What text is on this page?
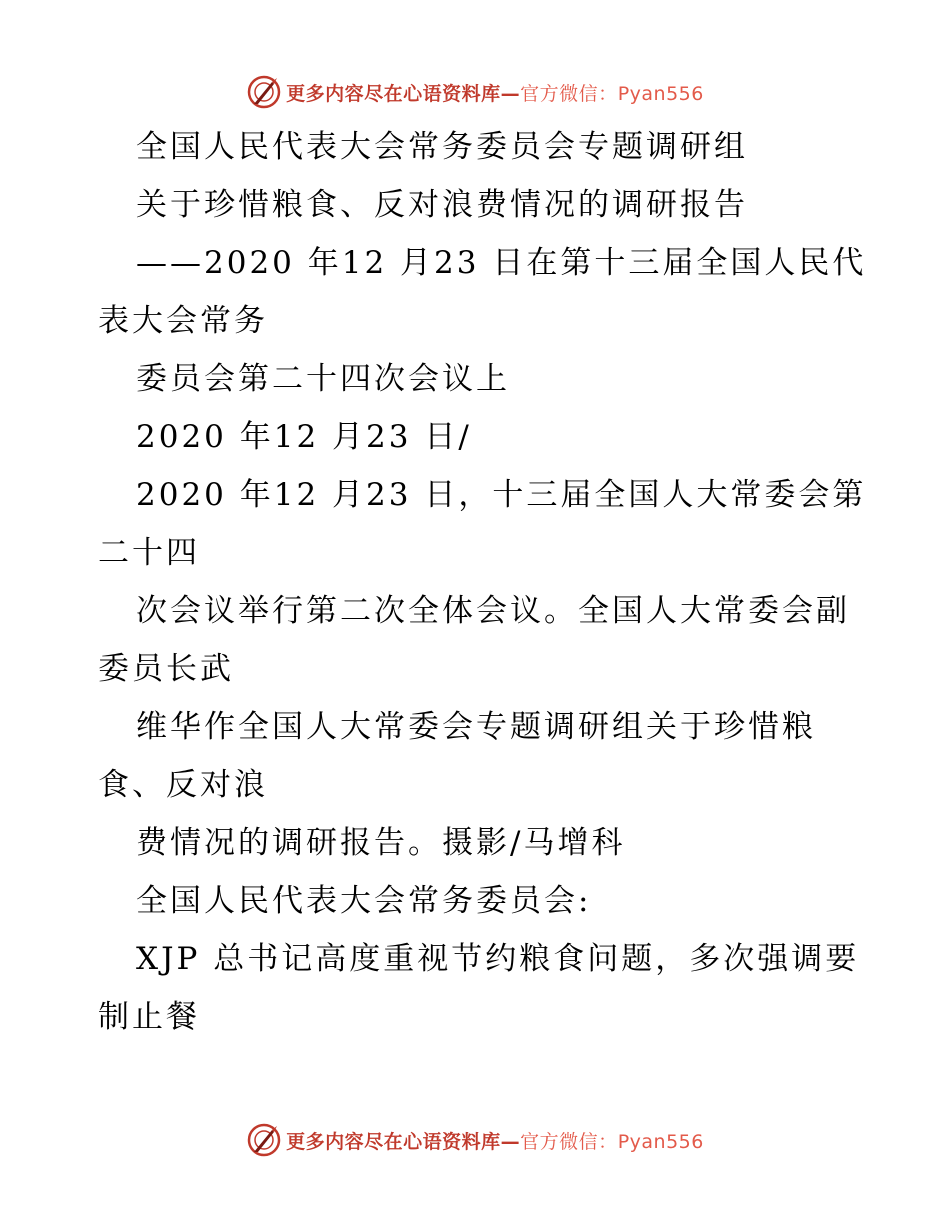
更多内容尽在心语资料库—官方微信：Pyan556
全国人民代表大会常务委员会专题调研组
关于珍惜粮食、反对浪费情况的调研报告
——2020 年12 月23 日在第十三届全国人民代
表大会常务
委员会第二十四次会议上
2020 年12 月23 日/
2020 年12 月23 日，十三届全国人大常委会第
二十四
次会议举行第二次全体会议。全国人大常委会副
委员长武
维华作全国人大常委会专题调研组关于珍惜粮
食、反对浪
费情况的调研报告。摄影/马增科
全国人民代表大会常务委员会:
XJP 总书记高度重视节约粮食问题，多次强调要
制止餐
更多内容尽在心语资料库—官方微信：Pyan556
